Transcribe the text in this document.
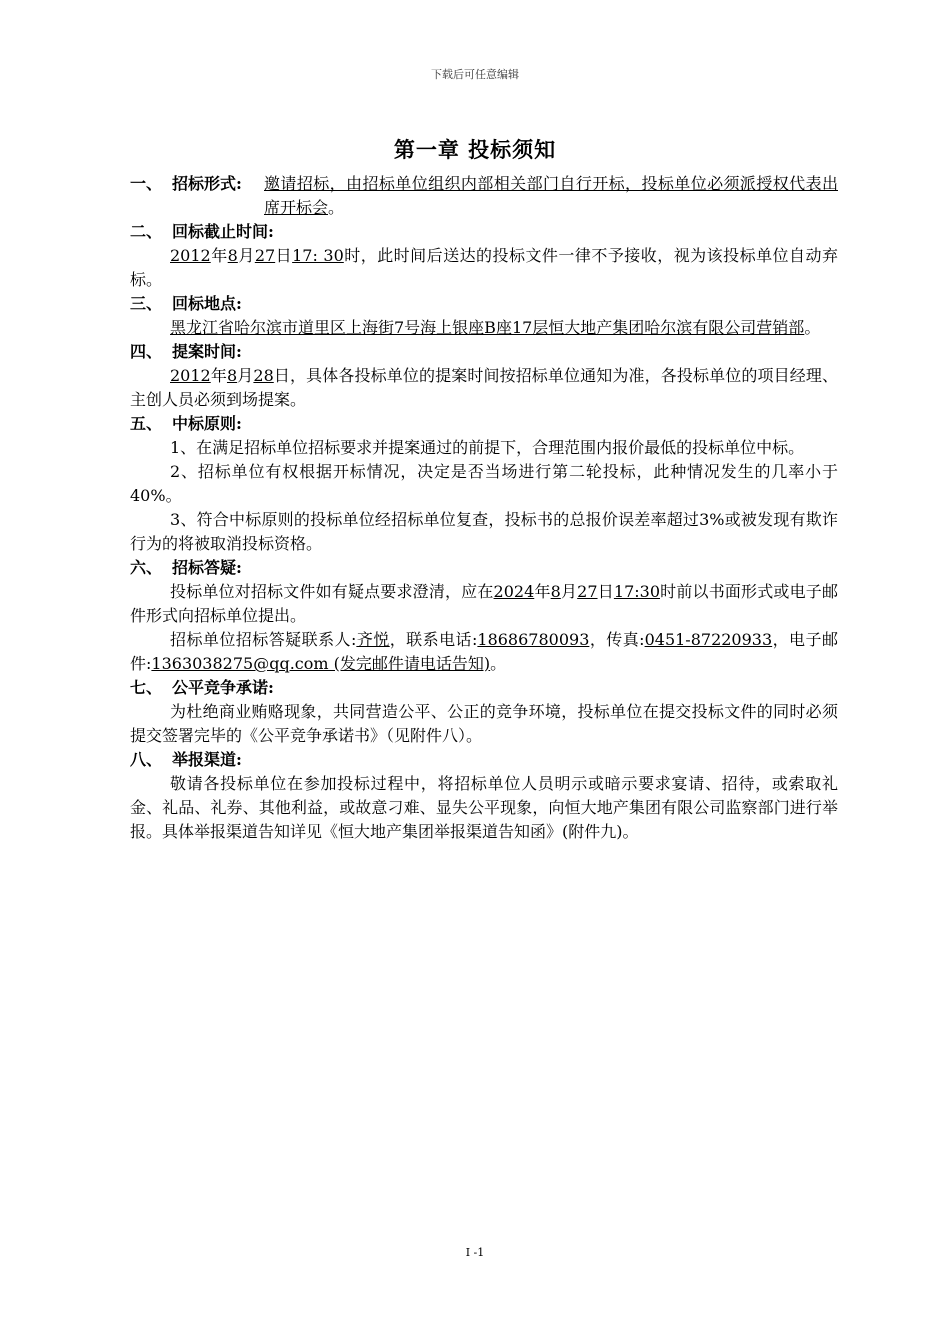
下载后可任意编辑
第一章 投标须知
一、 招标形式:	邀请招标，由招标单位组织内部相关部门自行开标，投标单位必须派授权代表出席开标会。
二、 回标截止时间:
2012年8月27日17: 30时，此时间后送达的投标文件一律不予接收，视为该投标单位自动弃标。
三、 回标地点:
黑龙江省哈尔滨市道里区上海街7号海上银座B座17层恒大地产集团哈尔滨有限公司营销部。
四、 提案时间:
2012年8月28日，具体各投标单位的提案时间按招标单位通知为准，各投标单位的项目经理、主创人员必须到场提案。
五、 中标原则:
1、在满足招标单位招标要求并提案通过的前提下，合理范围内报价最低的投标单位中标。
2、招标单位有权根据开标情况，决定是否当场进行第二轮投标，此种情况发生的几率小于40%。
3、符合中标原则的投标单位经招标单位复查，投标书的总报价误差率超过3%或被发现有欺诈行为的将被取消投标资格。
六、 招标答疑:
投标单位对招标文件如有疑点要求澄清，应在2024年8月27日17:30时前以书面形式或电子邮件形式向招标单位提出。
招标单位招标答疑联系人:齐悦，联系电话:18686780093，传真:0451-87220933，电子邮件:1363038275@qq.com (发完邮件请电话告知)。
七、 公平竞争承诺:
为杜绝商业贿赂现象，共同营造公平、公正的竞争环境，投标单位在提交投标文件的同时必须提交签署完毕的《公平竞争承诺书》（见附件八）。
八、 举报渠道:
敬请各投标单位在参加投标过程中，将招标单位人员明示或暗示要求宴请、招待，或索取礼金、礼品、礼券、其他利益，或故意刁难、显失公平现象，向恒大地产集团有限公司监察部门进行举报。具体举报渠道告知详见《恒大地产集团举报渠道告知函》(附件九)。
I -1
